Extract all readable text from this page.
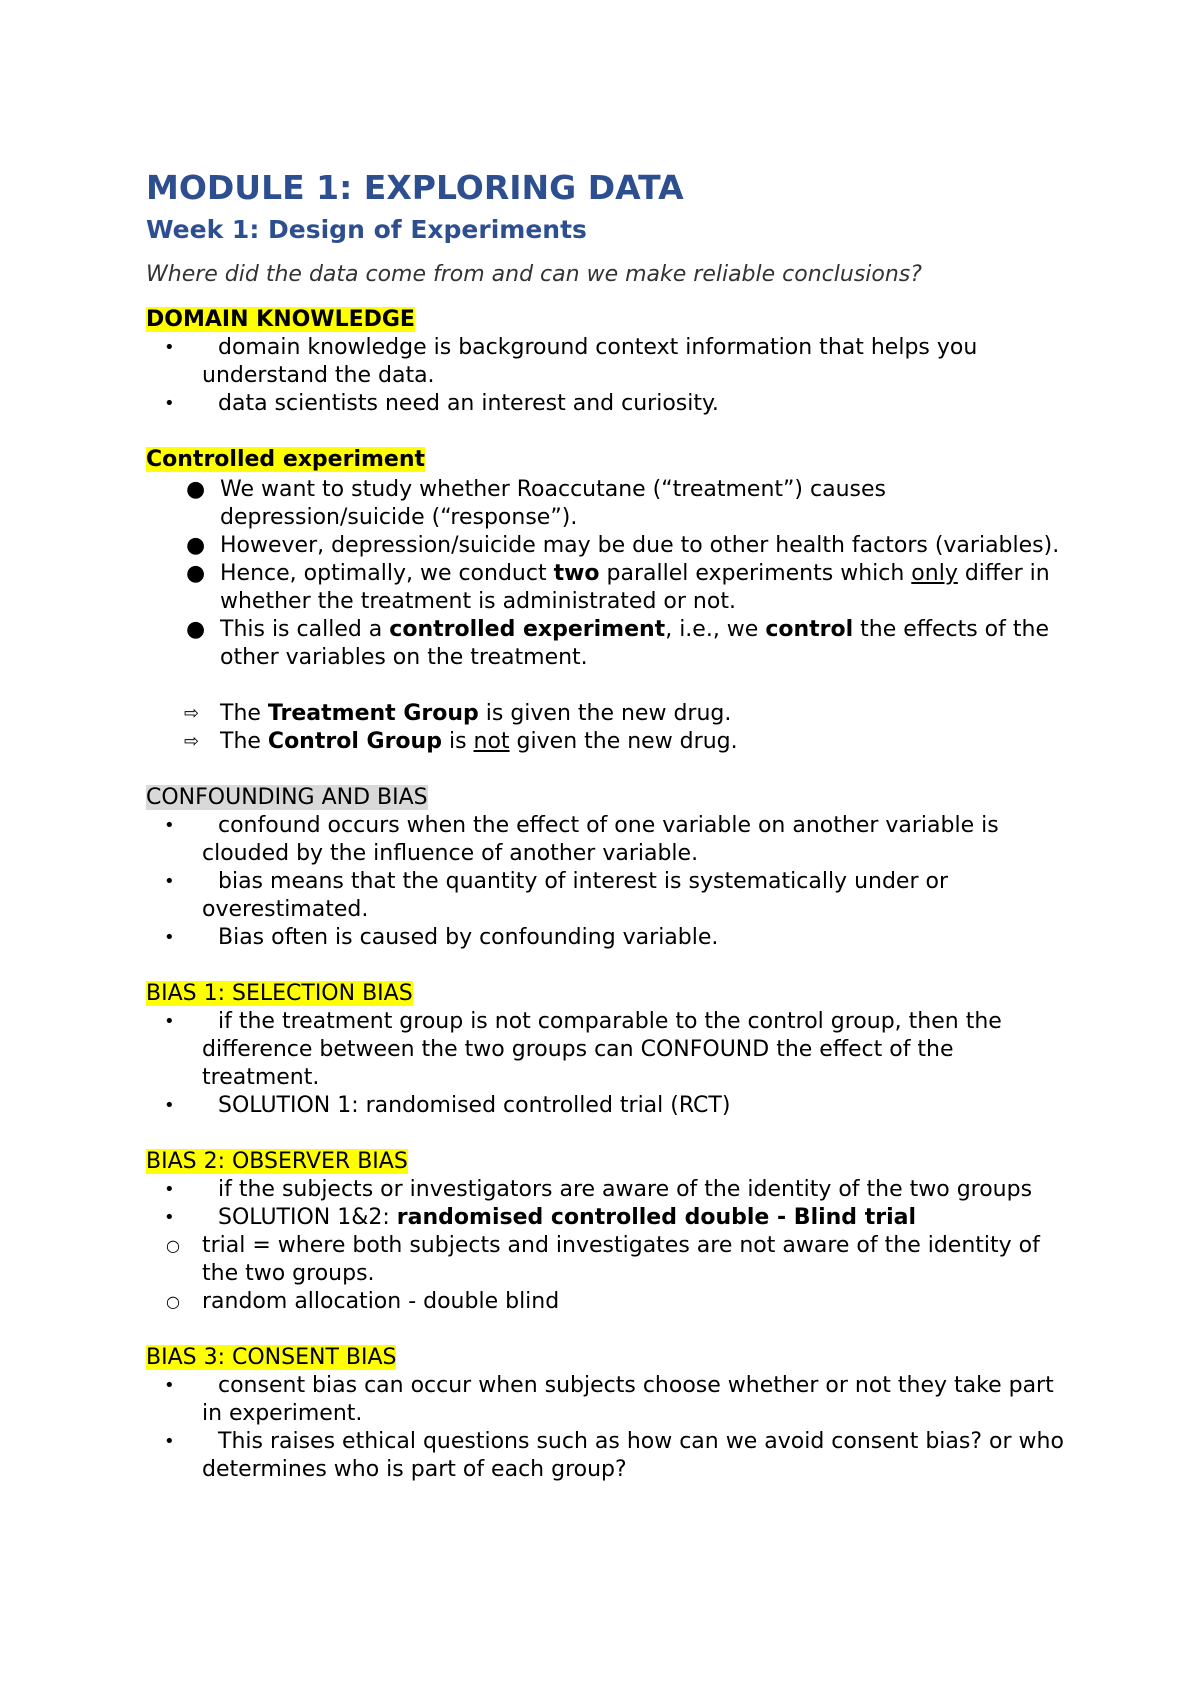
MODULE 1: EXPLORING DATA
Week 1: Design of Experiments

Where did the data come from and can we make reliable conclusions?

DOMAIN KNOWLEDGE

• domain knowledge is background context information that helps you understand the data.
• data scientists need an interest and curiosity.

Controlled experiment

● We want to study whether Roaccutane (“treatment”) causes depression/suicide (“response”).
● However, depression/suicide may be due to other health factors (variables).
● Hence, optimally, we conduct two parallel experiments which only differ in whether the treatment is administrated or not.
● This is called a controlled experiment, i.e., we control the effects of the other variables on the treatment.
⇨ The Treatment Group is given the new drug.
⇨ The Control Group is not given the new drug.

CONFOUNDING AND BIAS

• confound occurs when the effect of one variable on another variable is clouded by the influence of another variable.
• bias means that the quantity of interest is systematically under or overestimated.
• Bias often is caused by confounding variable.

BIAS 1: SELECTION BIAS

• if the treatment group is not comparable to the control group, then the difference between the two groups can CONFOUND the effect of the treatment.
• SOLUTION 1: randomised controlled trial (RCT)

BIAS 2: OBSERVER BIAS

• if the subjects or investigators are aware of the identity of the two groups
• SOLUTION 1&2: randomised controlled double - Blind trial
○ trial = where both subjects and investigates are not aware of the identity of the two groups.
○ random allocation - double blind

BIAS 3: CONSENT BIAS

• consent bias can occur when subjects choose whether or not they take part in experiment.
• This raises ethical questions such as how can we avoid consent bias? or who determines who is part of each group?
